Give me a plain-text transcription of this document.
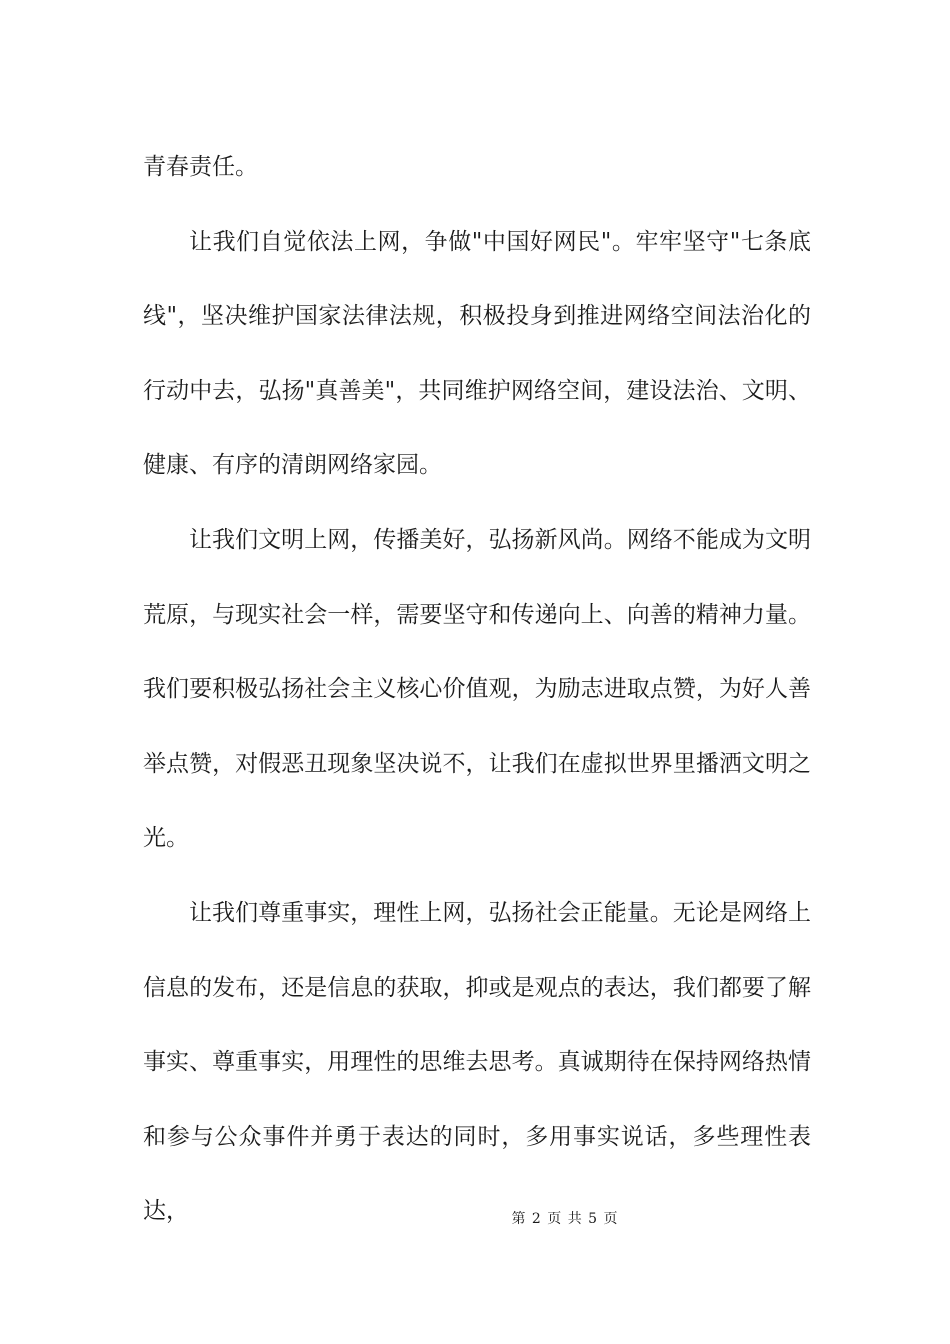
青春责任。

让我们自觉依法上网，争做"中国好网民"。牢牢坚守"七条底线"，坚决维护国家法律法规，积极投身到推进网络空间法治化的行动中去，弘扬"真善美"，共同维护网络空间，建设法治、文明、健康、有序的清朗网络家园。

让我们文明上网，传播美好，弘扬新风尚。网络不能成为文明荒原，与现实社会一样，需要坚守和传递向上、向善的精神力量。我们要积极弘扬社会主义核心价值观，为励志进取点赞，为好人善举点赞，对假恶丑现象坚决说不，让我们在虚拟世界里播洒文明之光。

让我们尊重事实，理性上网，弘扬社会正能量。无论是网络上信息的发布，还是信息的获取，抑或是观点的表达，我们都要了解事实、尊重事实，用理性的思维去思考。真诚期待在保持网络热情和参与公众事件并勇于表达的同时，多用事实说话，多些理性表达，	第 2 页 共 5 页
